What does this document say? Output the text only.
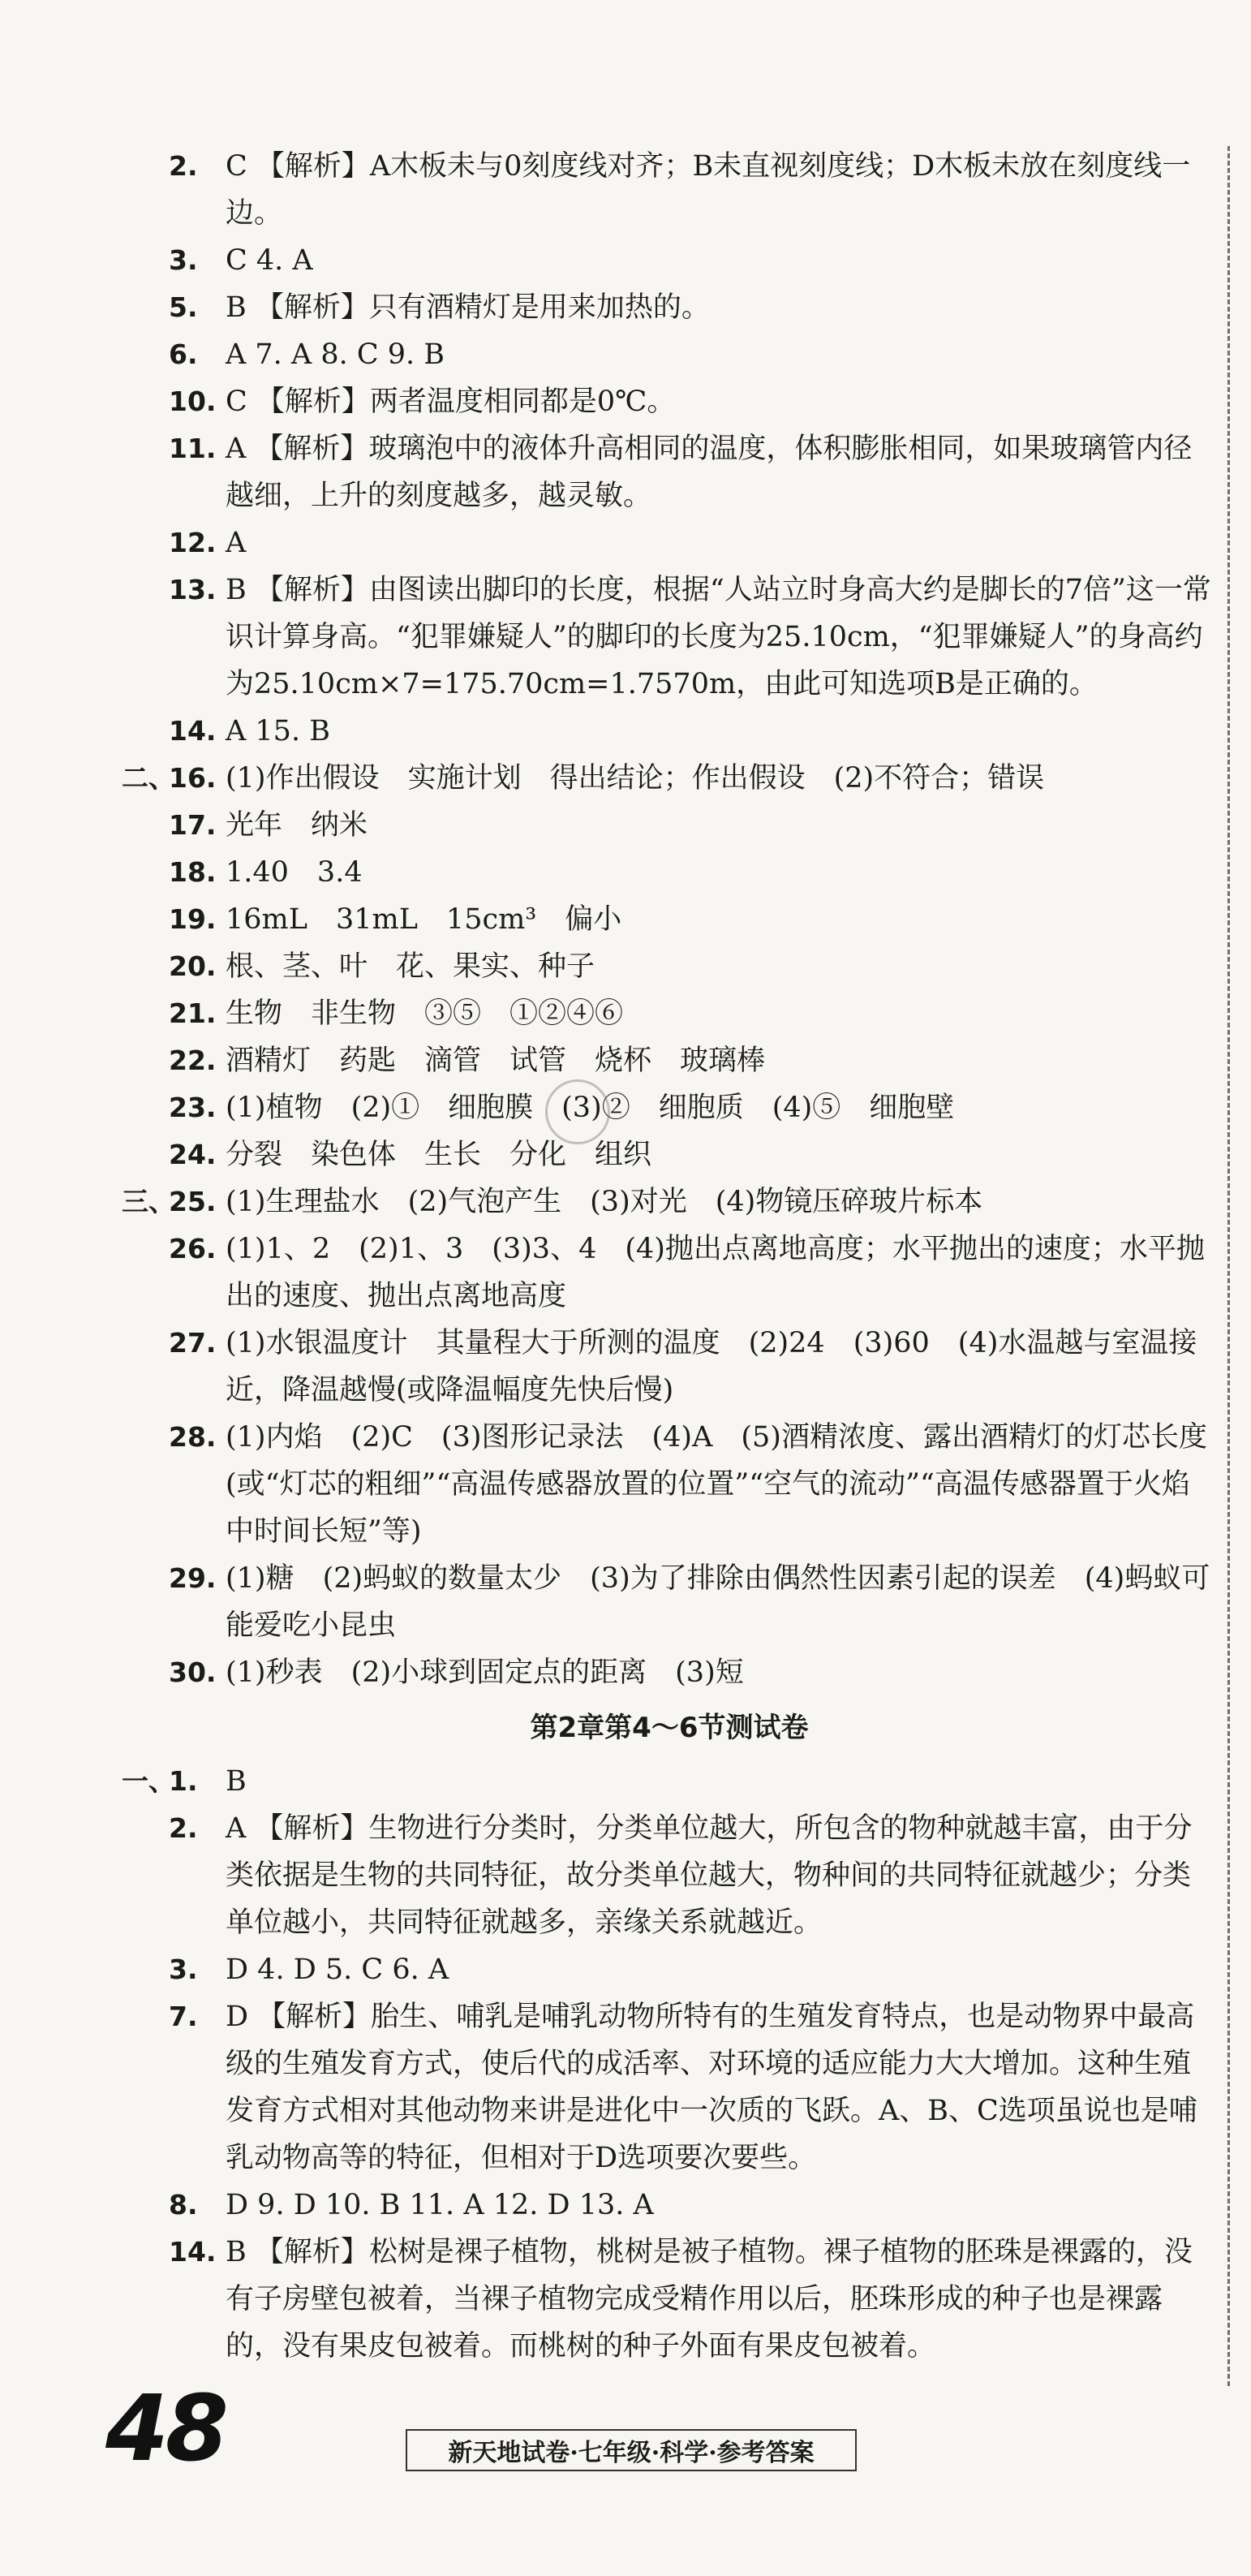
2. C 【解析】A木板未与0刻度线对齐；B未直视刻度线；D木板未放在刻度线一边。
3. C 4. A
5. B 【解析】只有酒精灯是用来加热的。
6. A 7. A 8. C 9. B
10. C 【解析】两者温度相同都是0℃。
11. A 【解析】玻璃泡中的液体升高相同的温度，体积膨胀相同，如果玻璃管内径越细，上升的刻度越多，越灵敏。
12. A
13. B 【解析】由图读出脚印的长度，根据“人站立时身高大约是脚长的7倍”这一常识计算身高。“犯罪嫌疑人”的脚印的长度为25.10cm，“犯罪嫌疑人”的身高约为25.10cm×7=175.70cm=1.7570m，由此可知选项B是正确的。
14. A 15. B
二、
16. (1)作出假设　实施计划　得出结论；作出假设　(2)不符合；错误
17. 光年　纳米
18. 1.40　3.4
19. 16mL　31mL　15cm³　偏小
20. 根、茎、叶　花、果实、种子
21. 生物　非生物　③⑤　①②④⑥
22. 酒精灯　药匙　滴管　试管　烧杯　玻璃棒
23. (1)植物　(2)①　细胞膜　(3)②　细胞质　(4)⑤　细胞壁
24. 分裂　染色体　生长　分化　组织
三、
25. (1)生理盐水　(2)气泡产生　(3)对光　(4)物镜压碎玻片标本
26. (1)1、2　(2)1、3　(3)3、4　(4)抛出点离地高度；水平抛出的速度；水平抛出的速度、抛出点离地高度
27. (1)水银温度计　其量程大于所测的温度　(2)24　(3)60　(4)水温越与室温接近，降温越慢(或降温幅度先快后慢)
28. (1)内焰　(2)C　(3)图形记录法　(4)A　(5)酒精浓度、露出酒精灯的灯芯长度(或“灯芯的粗细”“高温传感器放置的位置”“空气的流动”“高温传感器置于火焰中时间长短”等)
29. (1)糖　(2)蚂蚁的数量太少　(3)为了排除由偶然性因素引起的误差　(4)蚂蚁可能爱吃小昆虫
30. (1)秒表　(2)小球到固定点的距离　(3)短
第2章第4～6节测试卷
一、
1. B
2. A 【解析】生物进行分类时，分类单位越大，所包含的物种就越丰富，由于分类依据是生物的共同特征，故分类单位越大，物种间的共同特征就越少；分类单位越小，共同特征就越多，亲缘关系就越近。
3. D 4. D 5. C 6. A
7. D 【解析】胎生、哺乳是哺乳动物所特有的生殖发育特点，也是动物界中最高级的生殖发育方式，使后代的成活率、对环境的适应能力大大增加。这种生殖发育方式相对其他动物来讲是进化中一次质的飞跃。A、B、C选项虽说也是哺乳动物高等的特征，但相对于D选项要次要些。
8. D 9. D 10. B 11. A 12. D 13. A
14. B 【解析】松树是裸子植物，桃树是被子植物。裸子植物的胚珠是裸露的，没有子房壁包被着，当裸子植物完成受精作用以后，胚珠形成的种子也是裸露的，没有果皮包被着。而桃树的种子外面有果皮包被着。
48	新天地试卷·七年级·科学·参考答案
